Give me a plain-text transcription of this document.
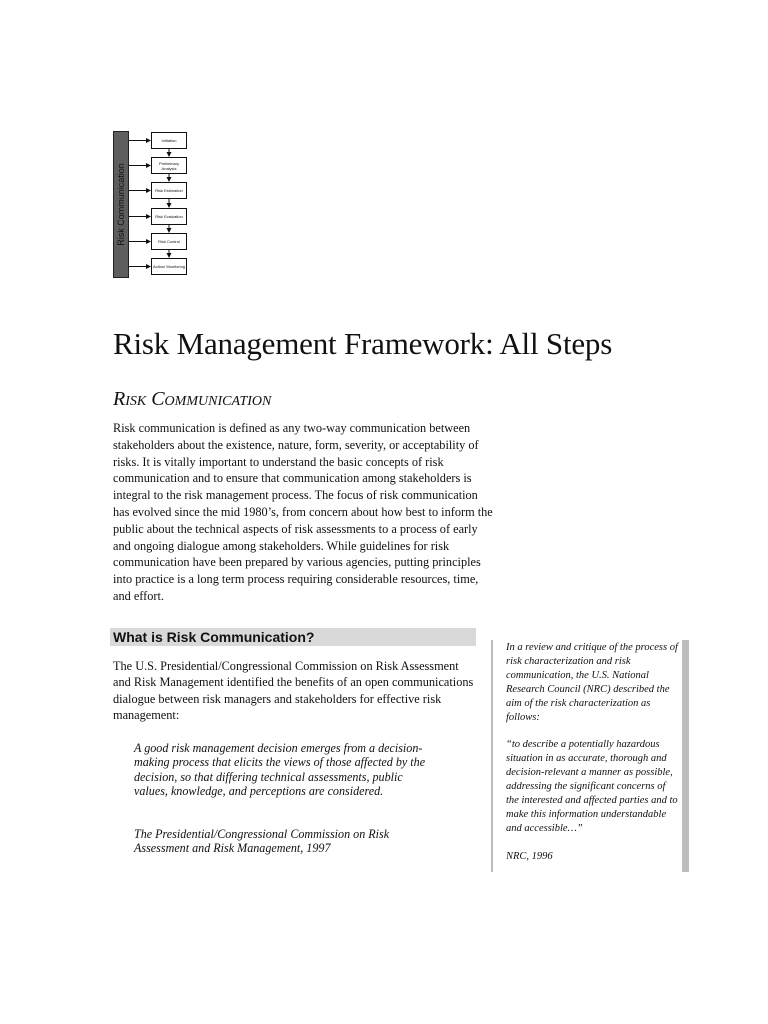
Risk Communication
Initiation
Preliminary Analysis
Risk Estimation
Risk Evaluation
Risk Control
Action/ Monitoring
Risk Management Framework: All Steps
Risk Communication

Risk communication is defined as any two-way communication between stakeholders about the existence, nature, form, severity, or acceptability of risks. It is vitally important to understand the basic concepts of risk communication and to ensure that communication among stakeholders is integral to the risk management process. The focus of risk communication has evolved since the mid 1980’s, from concern about how best to inform the public about the technical aspects of risk assessments to a process of early and ongoing dialogue among stakeholders. While guidelines for risk communication have been prepared by various agencies, putting principles into practice is a long term process requiring considerable resources, time, and effort.

What is Risk Communication?

The U.S. Presidential/Congressional Commission on Risk Assessment and Risk Management identified the benefits of an open communications dialogue between risk managers and stakeholders for effective risk management:

A good risk management decision emerges from a decision-making process that elicits the views of those affected by the decision, so that differing technical assessments, public values, knowledge, and perceptions are considered.

The Presidential/Congressional Commission on Risk Assessment and Risk Management, 1997

In a review and critique of the process of risk characterization and risk communication, the U.S. National Research Council (NRC) described the aim of the risk characterization as follows:

“to describe a potentially hazardous situation in as accurate, thorough and decision-relevant a manner as possible, addressing the significant concerns of the interested and affected parties and to make this information understandable and accessible…”

NRC, 1996
